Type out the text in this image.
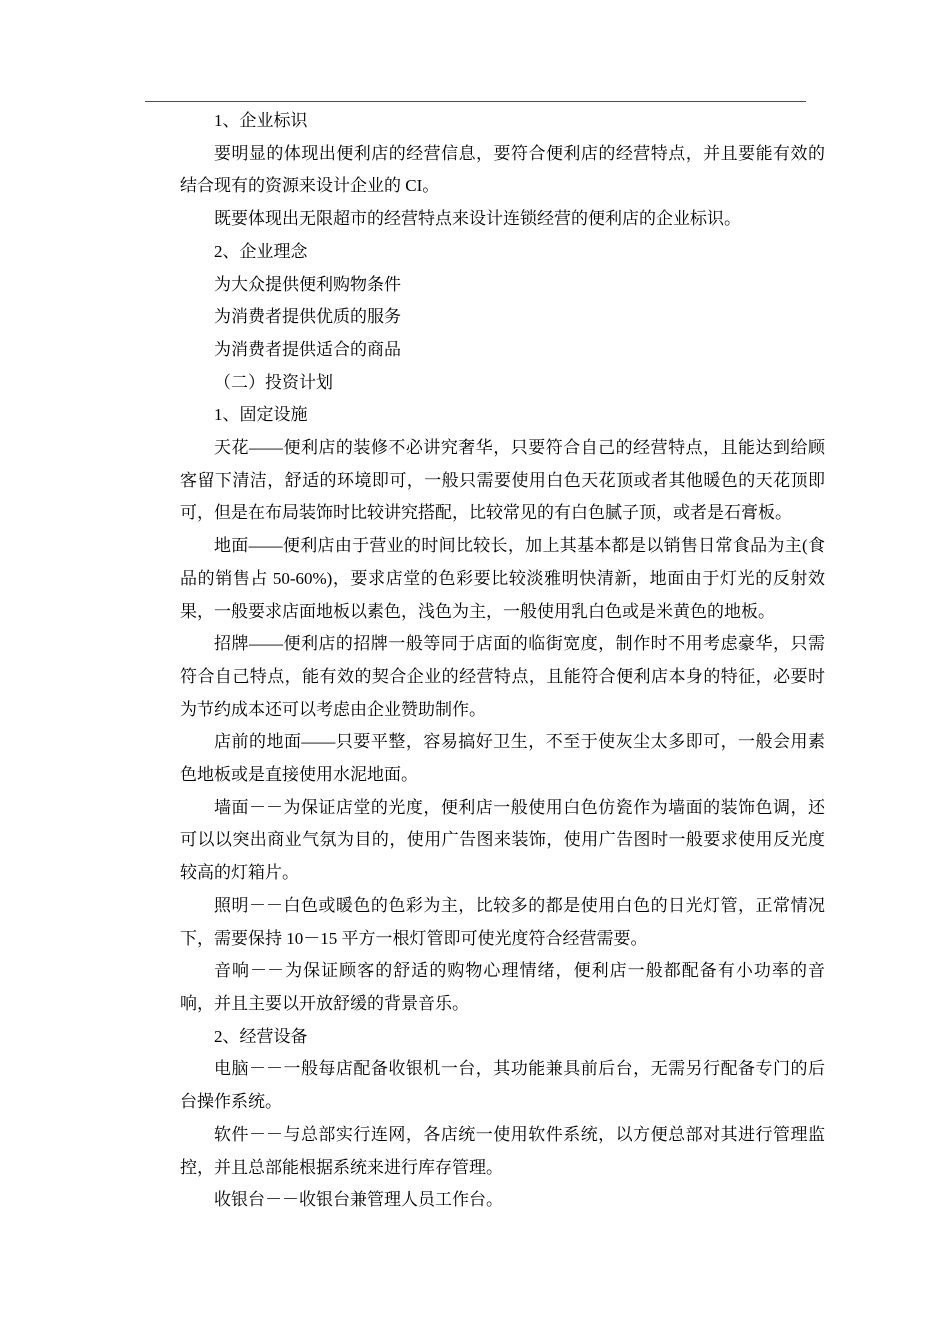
1、企业标识

要明显的体现出便利店的经营信息，要符合便利店的经营特点，并且要能有效的结合现有的资源来设计企业的 CI。

既要体现出无限超市的经营特点来设计连锁经营的便利店的企业标识。

2、企业理念

为大众提供便利购物条件

为消费者提供优质的服务

为消费者提供适合的商品

（二）投资计划

1、固定设施

天花——便利店的装修不必讲究奢华，只要符合自己的经营特点，且能达到给顾客留下清洁，舒适的环境即可，一般只需要使用白色天花顶或者其他暖色的天花顶即可，但是在布局装饰时比较讲究搭配，比较常见的有白色腻子顶，或者是石膏板。

地面——便利店由于营业的时间比较长，加上其基本都是以销售日常食品为主(食品的销售占 50-60%)，要求店堂的色彩要比较淡雅明快清新，地面由于灯光的反射效果，一般要求店面地板以素色，浅色为主，一般使用乳白色或是米黄色的地板。

招牌——便利店的招牌一般等同于店面的临街宽度，制作时不用考虑豪华，只需符合自己特点，能有效的契合企业的经营特点，且能符合便利店本身的特征，必要时为节约成本还可以考虑由企业赞助制作。

店前的地面——只要平整，容易搞好卫生，不至于使灰尘太多即可，一般会用素色地板或是直接使用水泥地面。

墙面－－为保证店堂的光度，便利店一般使用白色仿瓷作为墙面的装饰色调，还可以以突出商业气氛为目的，使用广告图来装饰，使用广告图时一般要求使用反光度较高的灯箱片。

照明－－白色或暖色的色彩为主，比较多的都是使用白色的日光灯管，正常情况下，需要保持 10－15 平方一根灯管即可使光度符合经营需要。

音响－－为保证顾客的舒适的购物心理情绪，便利店一般都配备有小功率的音响，并且主要以开放舒缓的背景音乐。

2、经营设备

电脑－－一般每店配备收银机一台，其功能兼具前后台，无需另行配备专门的后台操作系统。

软件－－与总部实行连网，各店统一使用软件系统，以方便总部对其进行管理监控，并且总部能根据系统来进行库存管理。

收银台－－收银台兼管理人员工作台。
